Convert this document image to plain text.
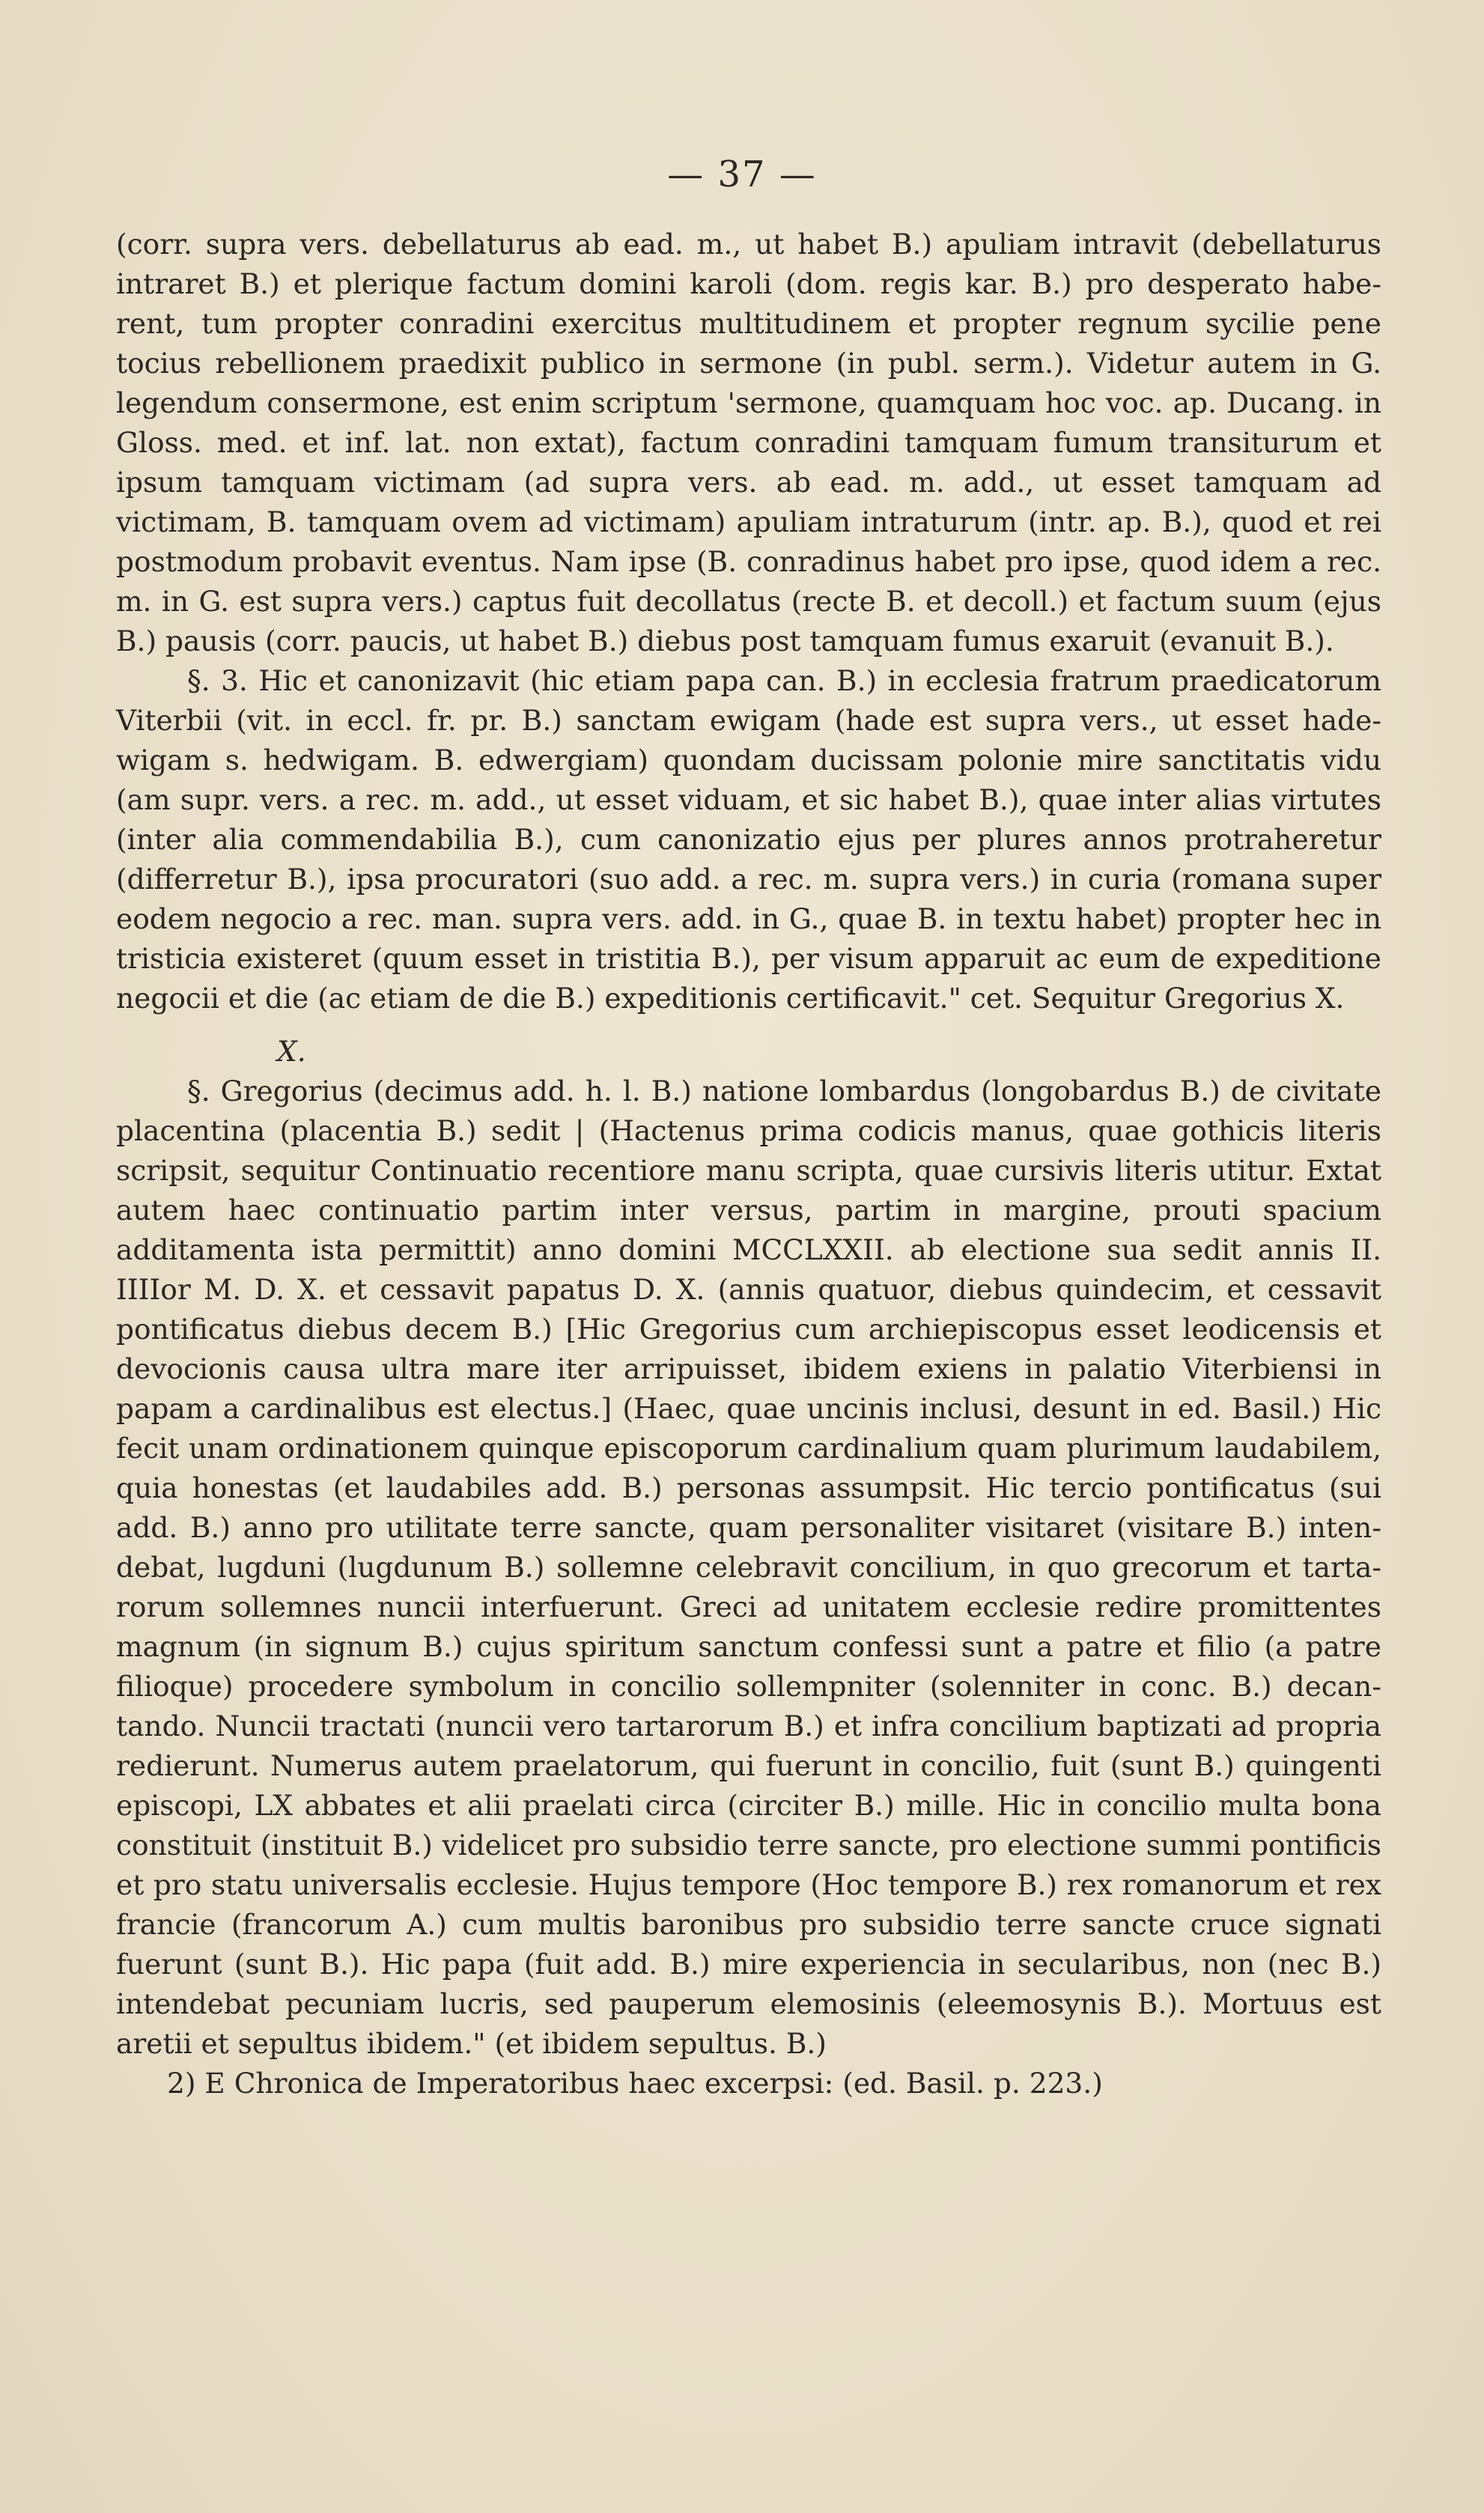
— 37 —

(corr. supra vers. debellaturus ab ead. m., ut habet B.) apuliam intravit (debellaturus intraret B.) et plerique factum domini karoli (dom. regis kar. B.) pro desperato haberent, tum propter conradini exercitus multitudinem et propter regnum sycilie pene tocius rebellionem praedixit publico in sermone (in publ. serm.). Videtur autem in G. legendum consermone, est enim scriptum 'sermone, quamquam hoc voc. ap. Ducang. in Gloss. med. et inf. lat. non extat), factum conradini tamquam fumum transiturum et ipsum tamquam victimam (ad supra vers. ab ead. m. add., ut esset tamquam ad victimam, B. tamquam ovem ad victimam) apuliam intraturum (intr. ap. B.), quod et rei postmodum probavit eventus. Nam ipse (B. conradinus habet pro ipse, quod idem a rec. m. in G. est supra vers.) captus fuit decollatus (recte B. et decoll.) et factum suum (ejus B.) pausis (corr. paucis, ut habet B.) diebus post tamquam fumus exaruit (evanuit B.).

§. 3. Hic et canonizavit (hic etiam papa can. B.) in ecclesia fratrum praedicatorum Viterbii (vit. in eccl. fr. pr. B.) sanctam ewigam (hade est supra vers., ut esset hadewigam s. hedwigam. B. edwergiam) quondam ducissam polonie mire sanctitatis vidu (am supr. vers. a rec. m. add., ut esset viduam, et sic habet B.), quae inter alias virtutes (inter alia commendabilia B.), cum canonizatio ejus per plures annos protraheretur (differretur B.), ipsa procuratori (suo add. a rec. m. supra vers.) in curia (romana super eodem negocio a rec. man. supra vers. add. in G., quae B. in textu habet) propter hec in tristicia existeret (quum esset in tristitia B.), per visum apparuit ac eum de expeditione negocii et die (ac etiam de die B.) expeditionis certificavit." cet. Sequitur Gregorius X.

X.

§. Gregorius (decimus add. h. l. B.) natione lombardus (longobardus B.) de civitate placentina (placentia B.) sedit | (Hactenus prima codicis manus, quae gothicis literis scripsit, sequitur Continuatio recentiore manu scripta, quae cursivis literis utitur. Extat autem haec continuatio partim inter versus, partim in margine, prouti spacium additamenta ista permittit) anno domini MCCLXXII. ab electione sua sedit annis II. IIIIor M. D. X. et cessavit papatus D. X. (annis quatuor, diebus quindecim, et cessavit pontificatus diebus decem B.) [Hic Gregorius cum archiepiscopus esset leodicensis et devocionis causa ultra mare iter arripuisset, ibidem exiens in palatio Viterbiensi in papam a cardinalibus est electus.] (Haec, quae uncinis inclusi, desunt in ed. Basil.) Hic fecit unam ordinationem quinque episcoporum cardinalium quam plurimum laudabilem, quia honestas (et laudabiles add. B.) personas assumpsit. Hic tercio pontificatus (sui add. B.) anno pro utilitate terre sancte, quam personaliter visitaret (visitare B.) intendebat, lugduni (lugdunum B.) sollemne celebravit concilium, in quo grecorum et tartarorum sollemnes nuncii interfuerunt. Greci ad unitatem ecclesie redire promittentes magnum (in signum B.) cujus spiritum sanctum confessi sunt a patre et filio (a patre filioque) procedere symbolum in concilio sollempniter (solenniter in conc. B.) decantando. Nuncii tractati (nuncii vero tartarorum B.) et infra concilium baptizati ad propria redierunt. Numerus autem praelatorum, qui fuerunt in concilio, fuit (sunt B.) quingenti episcopi, LX abbates et alii praelati circa (circiter B.) mille. Hic in concilio multa bona constituit (instituit B.) videlicet pro subsidio terre sancte, pro electione summi pontificis et pro statu universalis ecclesie. Hujus tempore (Hoc tempore B.) rex romanorum et rex francie (francorum A.) cum multis baronibus pro subsidio terre sancte cruce signati fuerunt (sunt B.). Hic papa (fuit add. B.) mire experiencia in secularibus, non (nec B.) intendebat pecuniam lucris, sed pauperum elemosinis (eleemosynis B.). Mortuus est aretii et sepultus ibidem." (et ibidem sepultus. B.)

2) E Chronica de Imperatoribus haec excerpsi: (ed. Basil. p. 223.)
